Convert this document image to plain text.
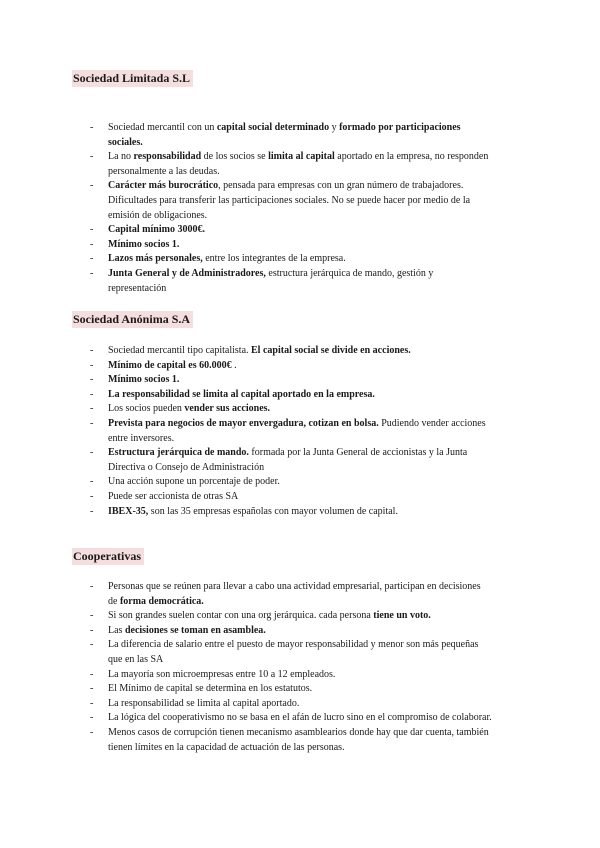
Sociedad Limitada S.L
- Sociedad mercantil con un capital social determinado y formado por participaciones sociales.
- La no responsabilidad de los socios se limita al capital aportado en la empresa, no responden personalmente a las deudas.
- Carácter más burocrático, pensada para empresas con un gran número de trabajadores. Dificultades para transferir las participaciones sociales. No se puede hacer por medio de la emisión de obligaciones.
- Capital mínimo 3000€.
- Mínimo socios 1.
- Lazos más personales, entre los integrantes de la empresa.
- Junta General y de Administradores, estructura jerárquica de mando, gestión y representación
Sociedad Anónima S.A
- Sociedad mercantil tipo capitalista. El capital social se divide en acciones.
- Mínimo de capital es 60.000€ .
- Mínimo socios 1.
- La responsabilidad se limita al capital aportado en la empresa.
- Los socios pueden vender sus acciones.
- Prevista para negocios de mayor envergadura, cotizan en bolsa. Pudiendo vender acciones entre inversores.
- Estructura jerárquica de mando. formada por la Junta General de accionistas y la Junta Directiva o Consejo de Administración
- Una acción supone un porcentaje de poder.
- Puede ser accionista de otras SA
- IBEX-35, son las 35 empresas españolas con mayor volumen de capital.
Cooperativas
- Personas que se reúnen para llevar a cabo una actividad empresarial, participan en decisiones de forma democrática.
- Si son grandes suelen contar con una org jerárquica. cada persona tiene un voto.
- Las decisiones se toman en asamblea.
- La diferencia de salario entre el puesto de mayor responsabilidad y menor son más pequeñas que en las SA
- La mayoría son microempresas entre 10 a 12 empleados.
- El Mínimo de capital se determina en los estatutos.
- La responsabilidad se limita al capital aportado.
- La lógica del cooperativismo no se basa en el afán de lucro sino en el compromiso de colaborar.
- Menos casos de corrupción tienen mecanismo asamblearios donde hay que dar cuenta, también tienen límites en la capacidad de actuación de las personas.
